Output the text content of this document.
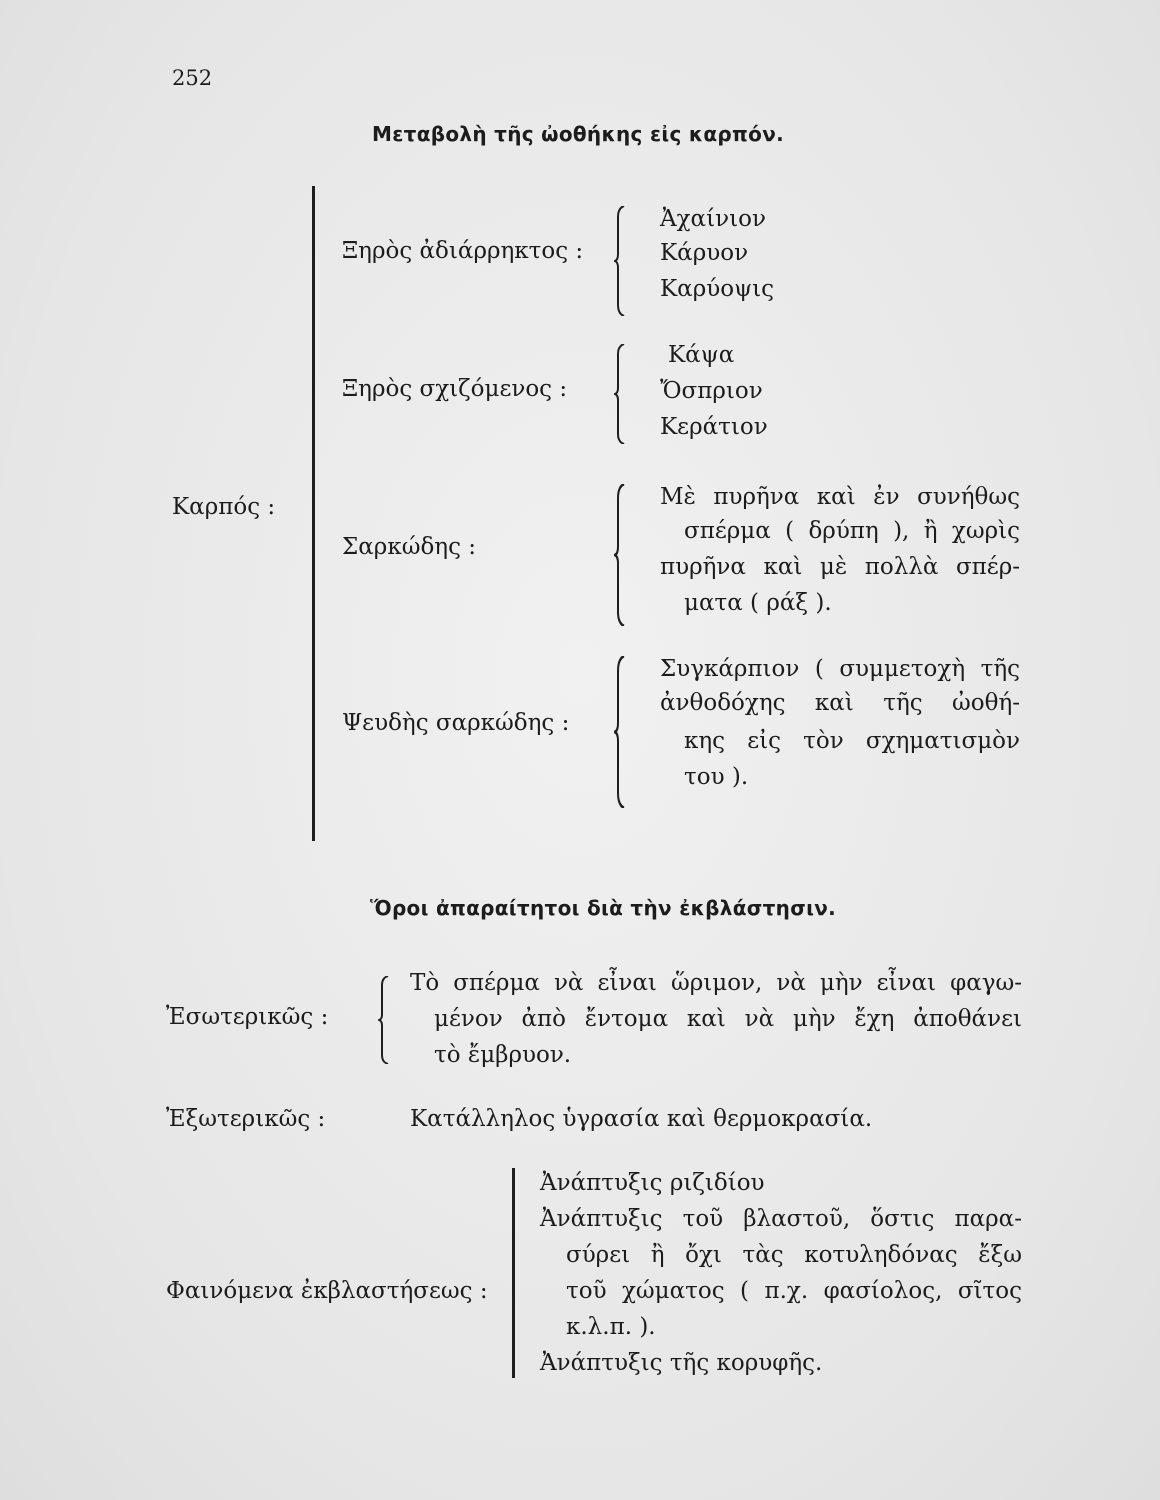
252
Μεταβολὴ τῆς ὠοθήκης εἰς καρπόν.
Καρπός :
Ξηρὸς ἀδιάρρηκτος :
Ἀχαίνιον
Κάρυον
Καρύοψις
Ξηρὸς σχιζόμενος :
Κάψα
Ὄσπριον
Κεράτιον
Σαρκώδης :
Μὲ πυρῆνα καὶ ἐν συνήθως
σπέρμα ( δρύπη ), ἢ χωρὶς
πυρῆνα καὶ μὲ πολλὰ σπέρ-
ματα ( ράξ ).
Ψευδὴς σαρκώδης :
Συγκάρπιον ( συμμετοχὴ τῆς
ἀνθοδόχης καὶ τῆς ὠοθή-
κης εἰς τὸν σχηματισμὸν
του ).
Ὅροι ἀπαραίτητοι διὰ τὴν ἐκβλάστησιν.
Ἐσωτερικῶς :
Τὸ σπέρμα νὰ εἶναι ὥριμον, νὰ μὴν εἶναι φαγω-
μένον ἀπὸ ἔντομα καὶ νὰ μὴν ἔχη ἀποθάνει
τὸ ἔμβρυον.
Ἐξωτερικῶς :	Κατάλληλος ὑγρασία καὶ θερμοκρασία.
Φαινόμενα ἐκβλαστήσεως :
Ἀνάπτυξις ριζιδίου
Ἀνάπτυξις τοῦ βλαστοῦ, ὅστις παρα-
σύρει ἢ ὄχι τὰς κοτυληδόνας ἔξω
τοῦ χώματος ( π.χ. φασίολος, σῖτος
κ.λ.π. ).
Ἀνάπτυξις τῆς κορυφῆς.
